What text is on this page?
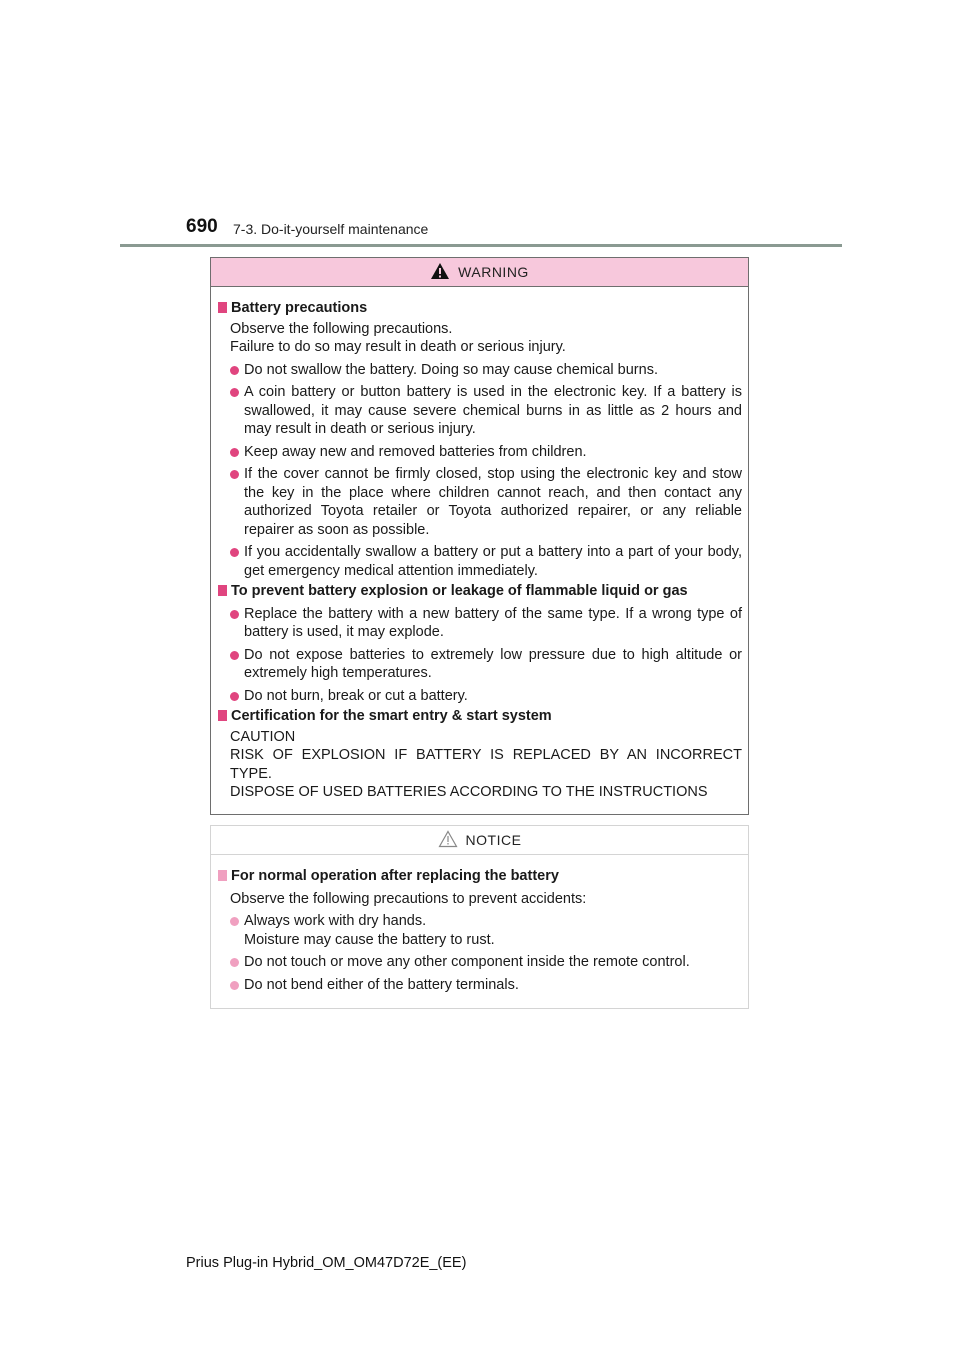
690 7-3. Do-it-yourself maintenance
WARNING
Battery precautions
Observe the following precautions.
Failure to do so may result in death or serious injury.
Do not swallow the battery. Doing so may cause chemical burns.
A coin battery or button battery is used in the electronic key. If a battery is swallowed, it may cause severe chemical burns in as little as 2 hours and may result in death or serious injury.
Keep away new and removed batteries from children.
If the cover cannot be firmly closed, stop using the electronic key and stow the key in the place where children cannot reach, and then contact any authorized Toyota retailer or Toyota authorized repairer, or any reliable repairer as soon as possible.
If you accidentally swallow a battery or put a battery into a part of your body, get emergency medical attention immediately.
To prevent battery explosion or leakage of flammable liquid or gas
Replace the battery with a new battery of the same type. If a wrong type of battery is used, it may explode.
Do not expose batteries to extremely low pressure due to high altitude or extremely high temperatures.
Do not burn, break or cut a battery.
Certification for the smart entry & start system
CAUTION
RISK OF EXPLOSION IF BATTERY IS REPLACED BY AN INCORRECT TYPE.
DISPOSE OF USED BATTERIES ACCORDING TO THE INSTRUCTIONS
NOTICE
For normal operation after replacing the battery
Observe the following precautions to prevent accidents:
Always work with dry hands.
Moisture may cause the battery to rust.
Do not touch or move any other component inside the remote control.
Do not bend either of the battery terminals.
Prius Plug-in Hybrid_OM_OM47D72E_(EE)
